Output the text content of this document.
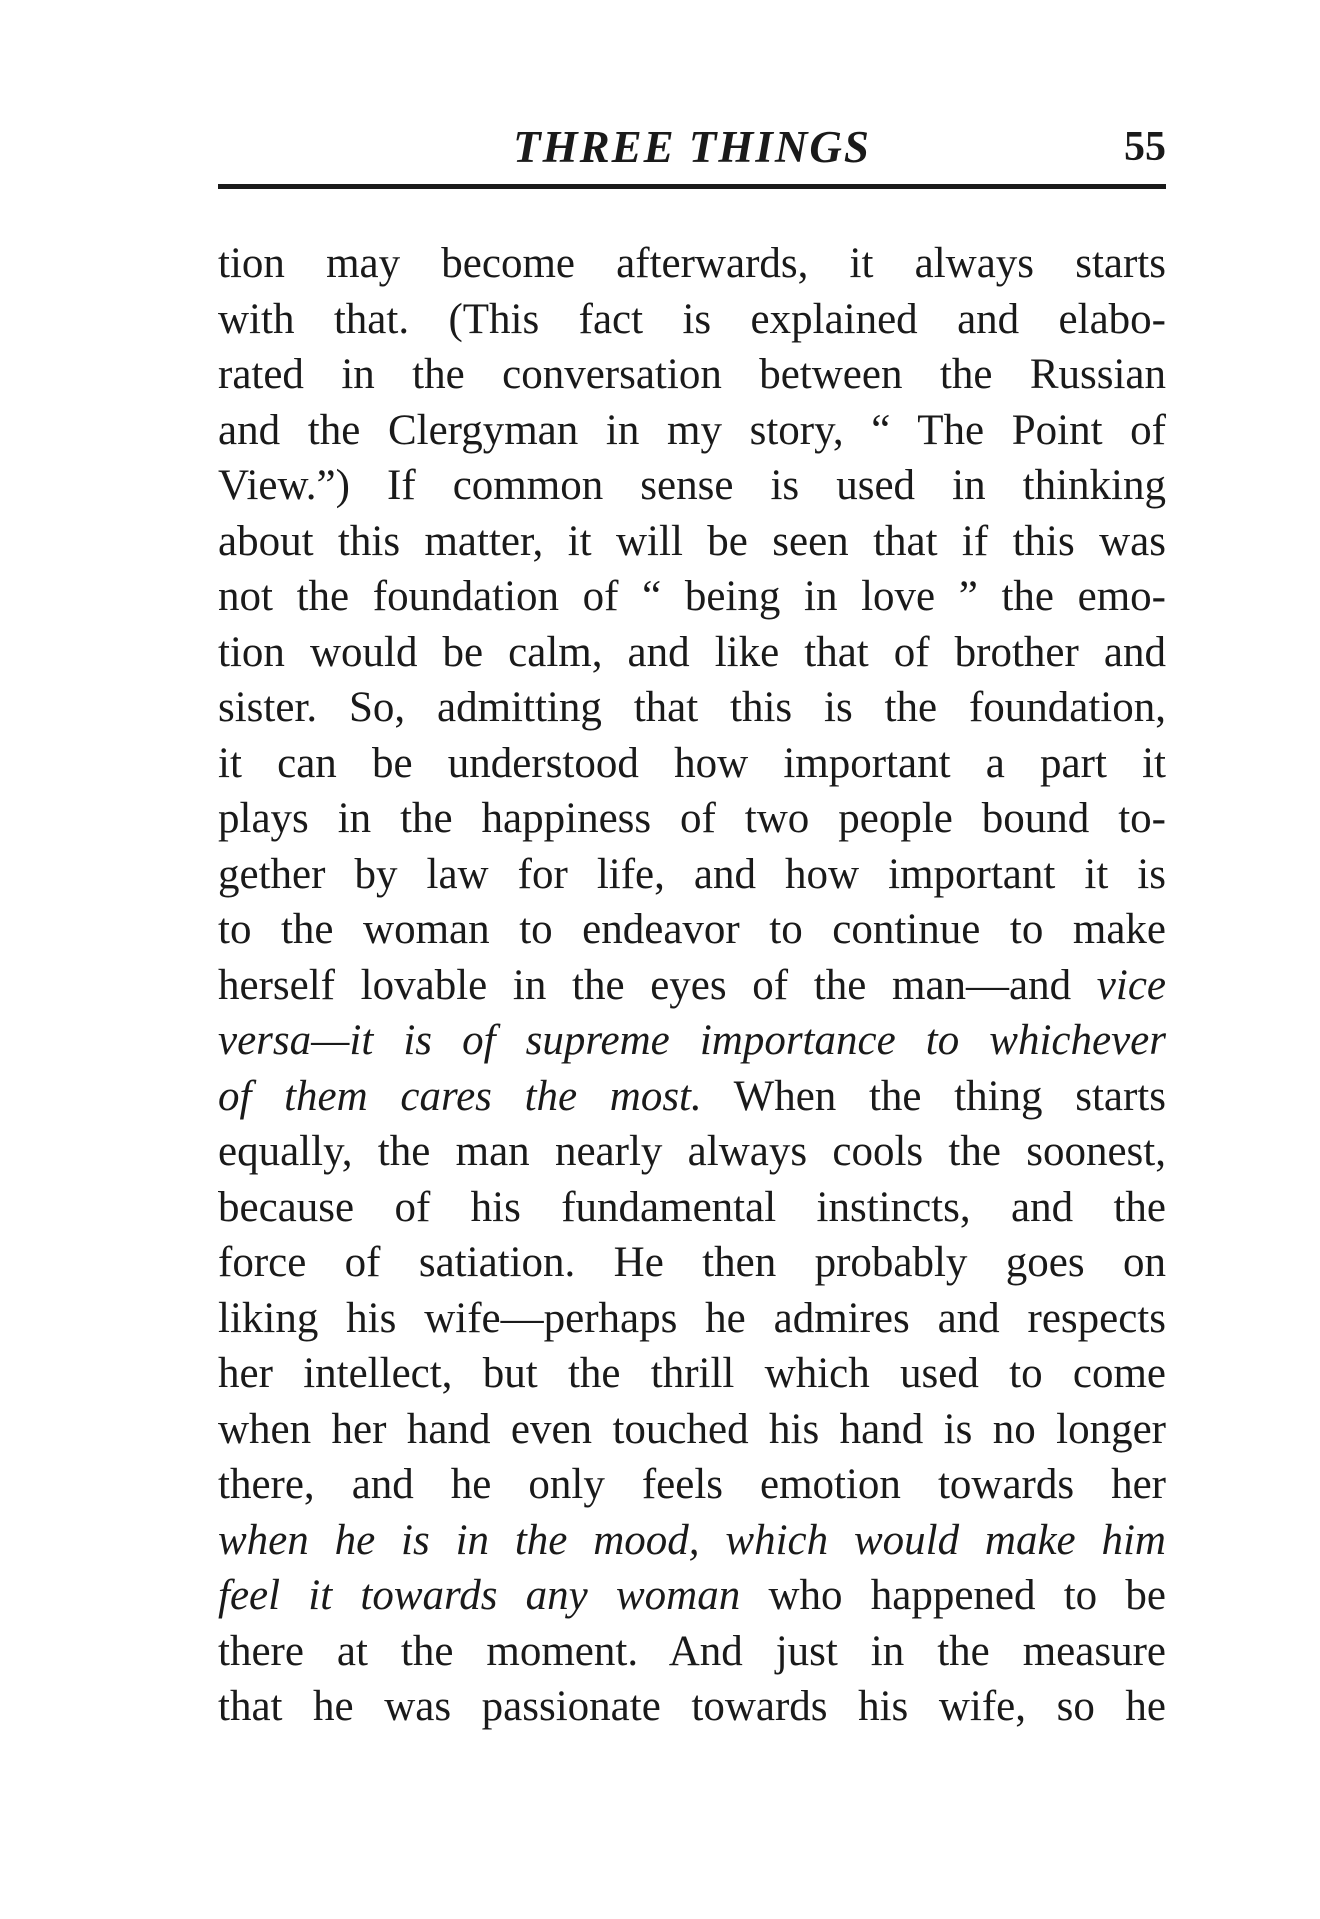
THREE THINGS	55
tion may become afterwards, it always starts
with that. (This fact is explained and elabo-
rated in the conversation between the Russian
and the Clergyman in my story, “ The Point of
View.”) If common sense is used in thinking
about this matter, it will be seen that if this was
not the foundation of “ being in love ” the emo-
tion would be calm, and like that of brother and
sister. So, admitting that this is the foundation,
it can be understood how important a part it
plays in the happiness of two people bound to-
gether by law for life, and how important it is
to the woman to endeavor to continue to make
herself lovable in the eyes of the man—and vice
versa—it is of supreme importance to whichever
of them cares the most. When the thing starts
equally, the man nearly always cools the soonest,
because of his fundamental instincts, and the
force of satiation. He then probably goes on
liking his wife—perhaps he admires and respects
her intellect, but the thrill which used to come
when her hand even touched his hand is no longer
there, and he only feels emotion towards her
when he is in the mood, which would make him
feel it towards any woman who happened to be
there at the moment. And just in the measure
that he was passionate towards his wife, so he
